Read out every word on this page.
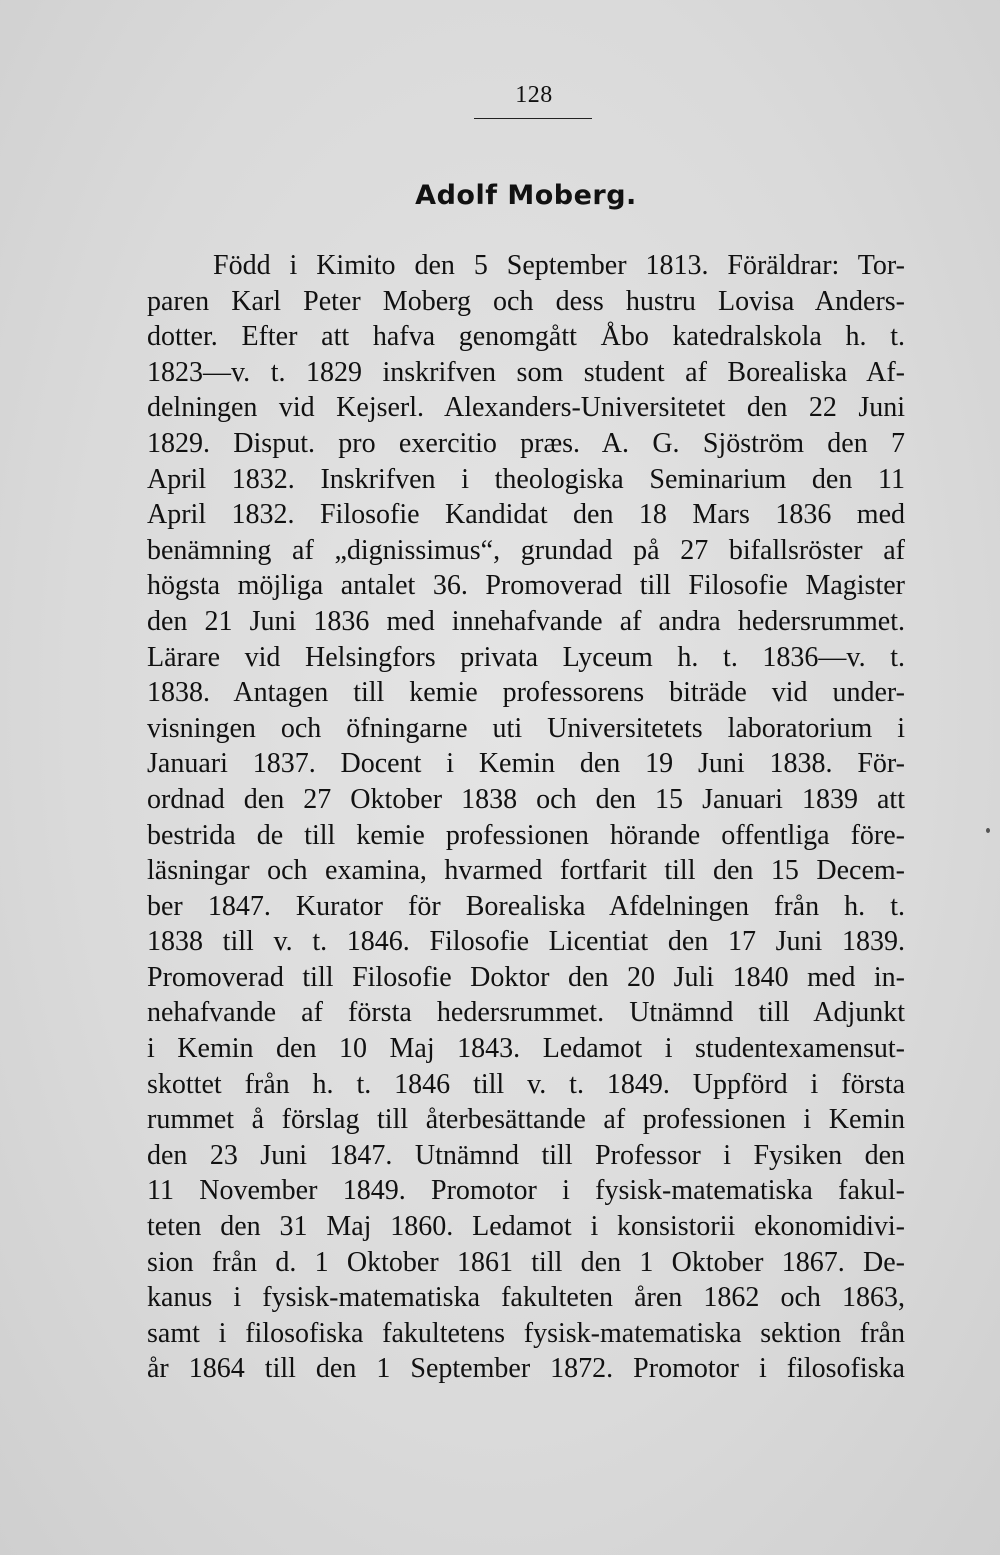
128
Adolf Moberg.
Född i Kimito den 5 September 1813. Föräldrar: Tor-
paren Karl Peter Moberg och dess hustru Lovisa Anders-
dotter. Efter att hafva genomgått Åbo katedralskola h. t.
1823—v. t. 1829 inskrifven som student af Borealiska Af-
delningen vid Kejserl. Alexanders-Universitetet den 22 Juni
1829. Disput. pro exercitio præs. A. G. Sjöström den 7
April 1832. Inskrifven i theologiska Seminarium den 11
April 1832. Filosofie Kandidat den 18 Mars 1836 med
benämning af „dignissimus“, grundad på 27 bifallsröster af
högsta möjliga antalet 36. Promoverad till Filosofie Magister
den 21 Juni 1836 med innehafvande af andra hedersrummet.
Lärare vid Helsingfors privata Lyceum h. t. 1836—v. t.
1838. Antagen till kemie professorens biträde vid under-
visningen och öfningarne uti Universitetets laboratorium i
Januari 1837. Docent i Kemin den 19 Juni 1838. För-
ordnad den 27 Oktober 1838 och den 15 Januari 1839 att
bestrida de till kemie professionen hörande offentliga före-
läsningar och examina, hvarmed fortfarit till den 15 Decem-
ber 1847. Kurator för Borealiska Afdelningen från h. t.
1838 till v. t. 1846. Filosofie Licentiat den 17 Juni 1839.
Promoverad till Filosofie Doktor den 20 Juli 1840 med in-
nehafvande af första hedersrummet. Utnämnd till Adjunkt
i Kemin den 10 Maj 1843. Ledamot i studentexamensut-
skottet från h. t. 1846 till v. t. 1849. Uppförd i första
rummet å förslag till återbesättande af professionen i Kemin
den 23 Juni 1847. Utnämnd till Professor i Fysiken den
11 November 1849. Promotor i fysisk-matematiska fakul-
teten den 31 Maj 1860. Ledamot i konsistorii ekonomidivi-
sion från d. 1 Oktober 1861 till den 1 Oktober 1867. De-
kanus i fysisk-matematiska fakulteten åren 1862 och 1863,
samt i filosofiska fakultetens fysisk-matematiska sektion från
år 1864 till den 1 September 1872. Promotor i filosofiska
